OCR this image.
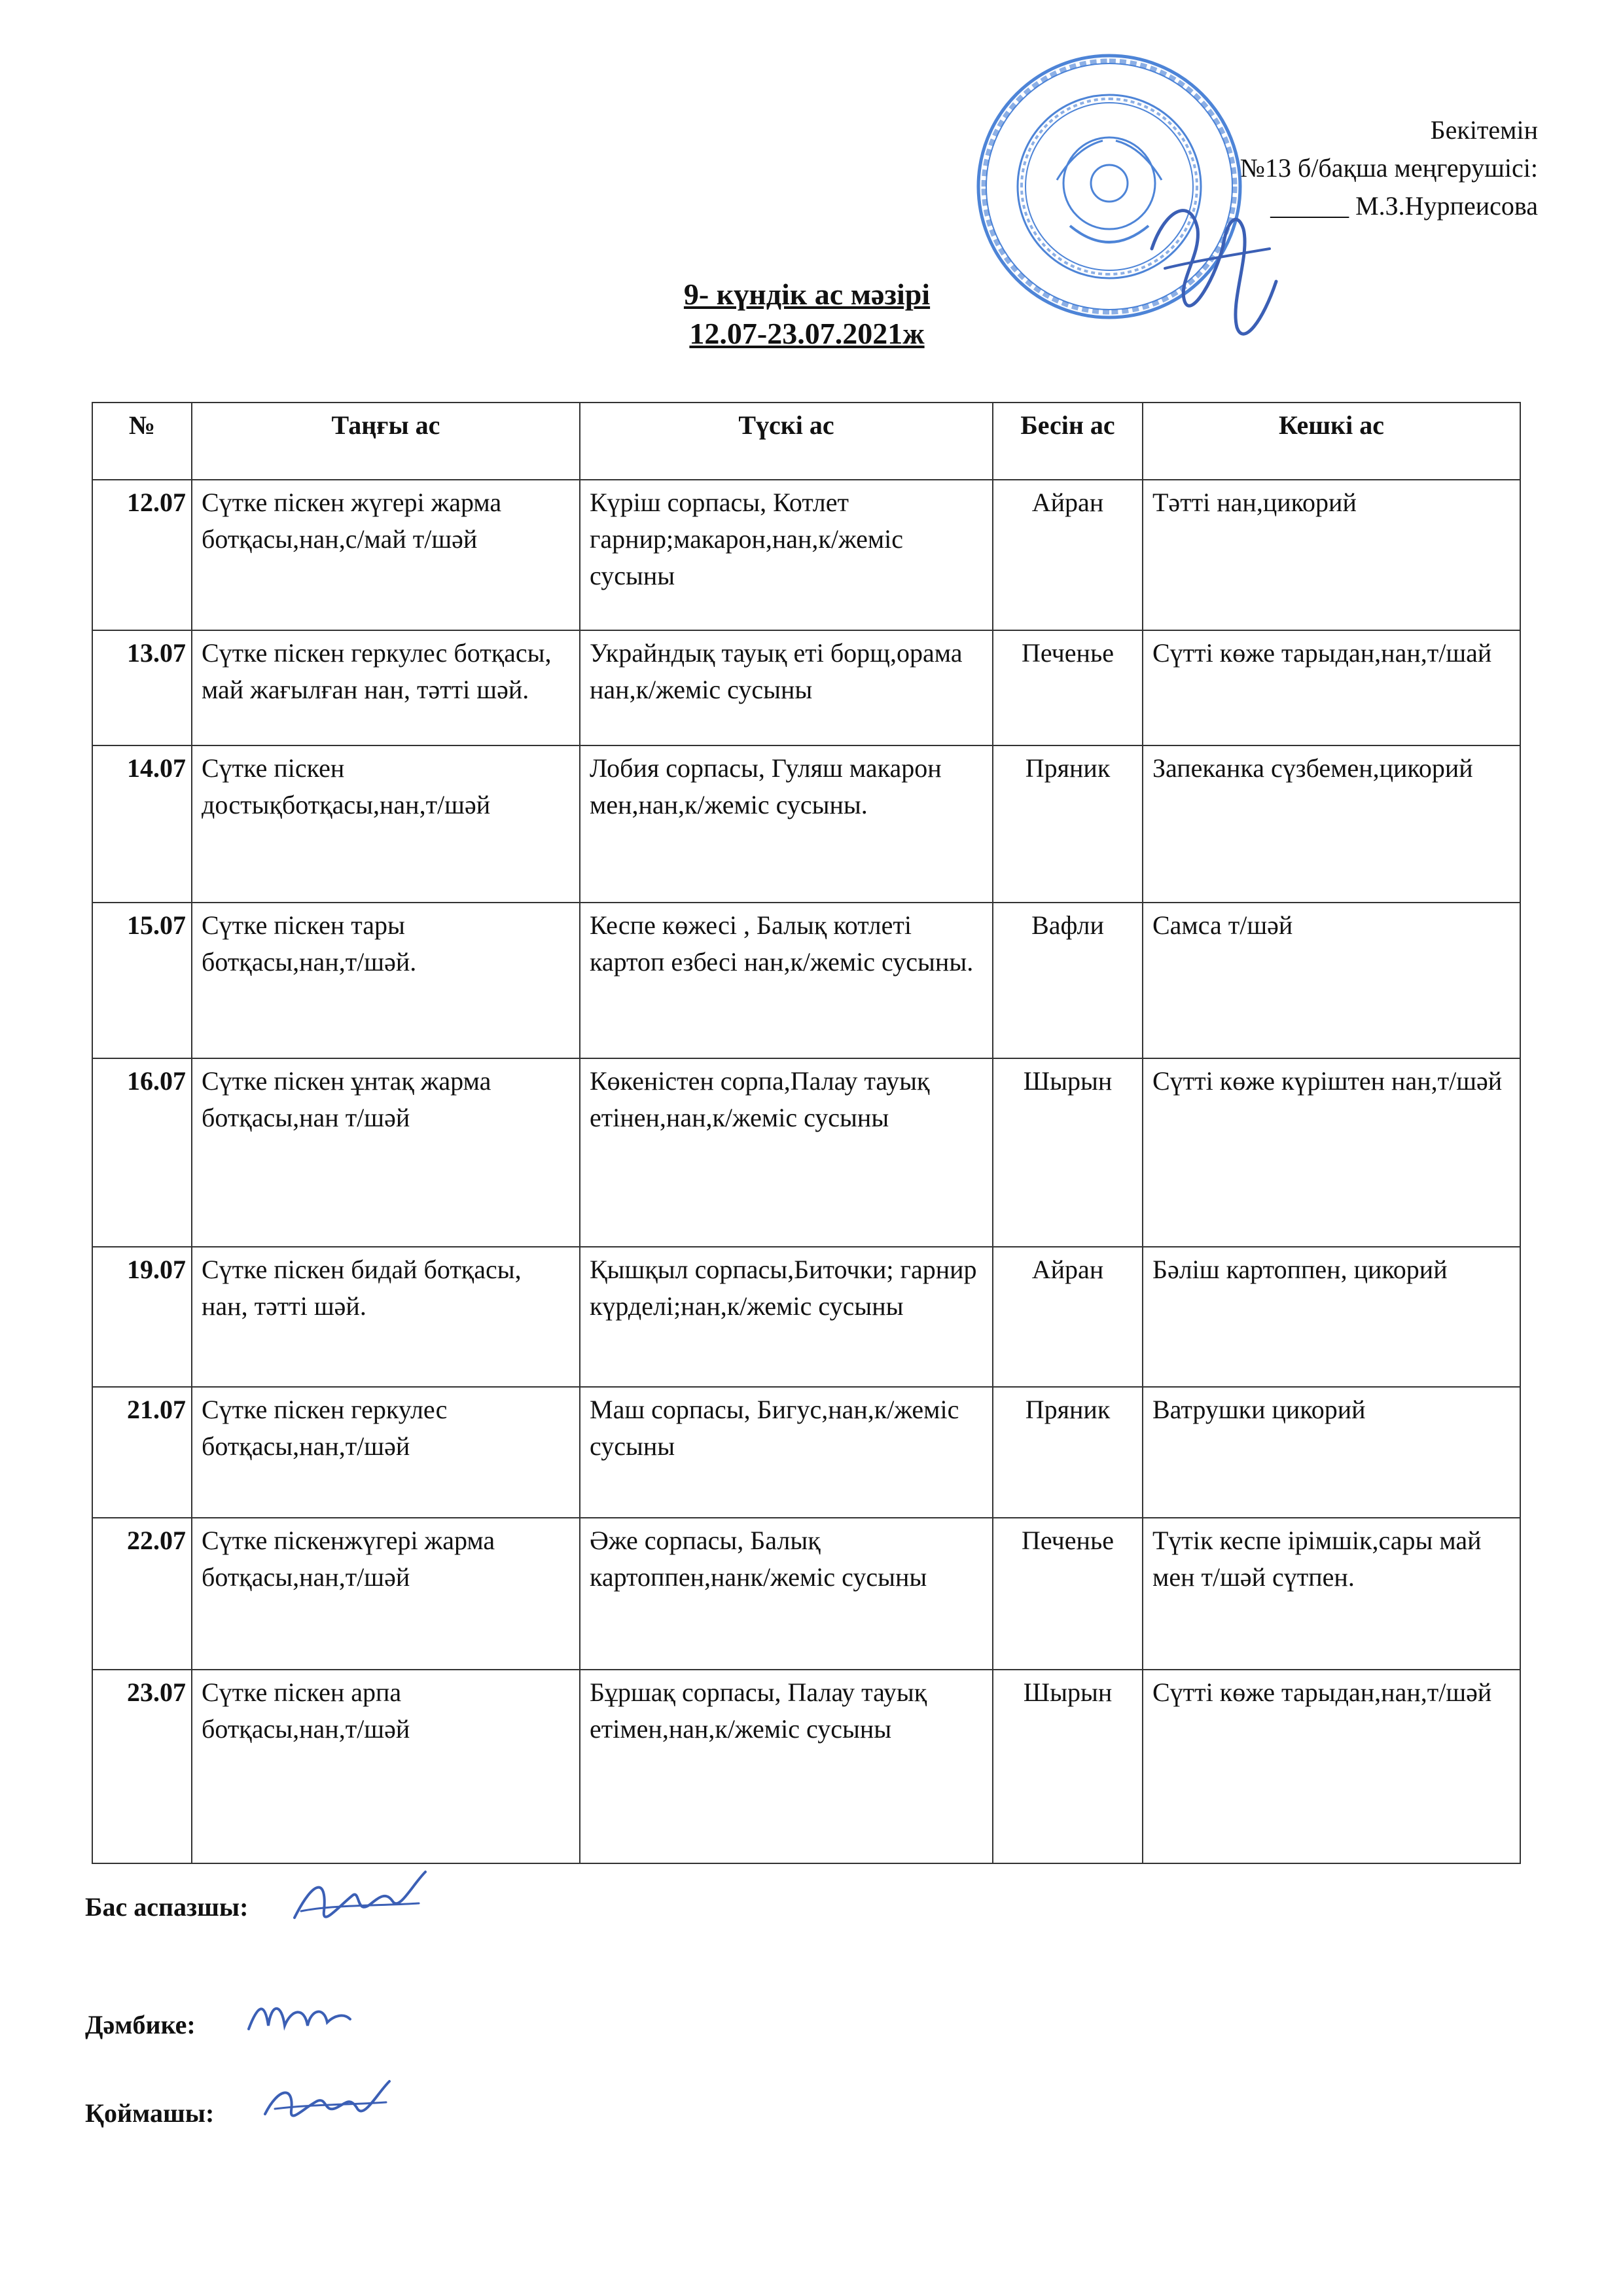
Бекітемін
№13 б/бақша меңгерушісі:
______ М.З.Нурпеисова
9- күндік ас мәзірі
12.07-23.07.2021ж
№	Таңғы ас	Түскі ас	Бесін ас	Кешкі ас
12.07	Сүтке піскен жүгері жарма ботқасы,нан,с/май т/шәй	Күріш сорпасы, Котлет гарнир;макарон,нан,к/жеміс сусыны	Айран	Тәтті нан,цикорий
13.07	Сүтке піскен геркулес ботқасы, май жағылған нан, тәтті шәй.	Украйндық тауық еті борщ,орама нан,к/жеміс сусыны	Печенье	Сүтті көже тарыдан,нан,т/шай
14.07	Сүтке піскен достықботқасы,нан,т/шәй	Лобия сорпасы, Гуляш макарон мен,нан,к/жеміс сусыны.	Пряник	Запеканка сүзбемен,цикорий
15.07	Сүтке піскен тары ботқасы,нан,т/шәй.	Кеспе көжесі , Балық котлеті картоп езбесі нан,к/жеміс сусыны.	Вафли	Самса т/шәй
16.07	Сүтке піскен ұнтақ жарма ботқасы,нан т/шәй	Көкеністен сорпа,Палау тауық етінен,нан,к/жеміс сусыны	Шырын	Сүтті көже күріштен нан,т/шәй
19.07	Сүтке піскен бидай ботқасы, нан, тәтті шәй.	Қышқыл сорпасы,Биточки; гарнир күрделі;нан,к/жеміс сусыны	Айран	Бәліш картоппен, цикорий
21.07	Сүтке піскен геркулес ботқасы,нан,т/шәй	Маш сорпасы, Бигус,нан,к/жеміс сусыны	Пряник	Ватрушки цикорий
22.07	Сүтке піскенжүгері жарма ботқасы,нан,т/шәй	Әже сорпасы, Балық картоппен,нанк/жеміс сусыны	Печенье	Түтік кеспе ірімшік,сары май мен т/шәй сүтпен.
23.07	Сүтке піскен арпа ботқасы,нан,т/шәй	Бұршақ сорпасы, Палау тауық етімен,нан,к/жеміс сусыны	Шырын	Сүтті көже тарыдан,нан,т/шәй
Бас аспазшы:
Дәмбике:
Қоймашы:
